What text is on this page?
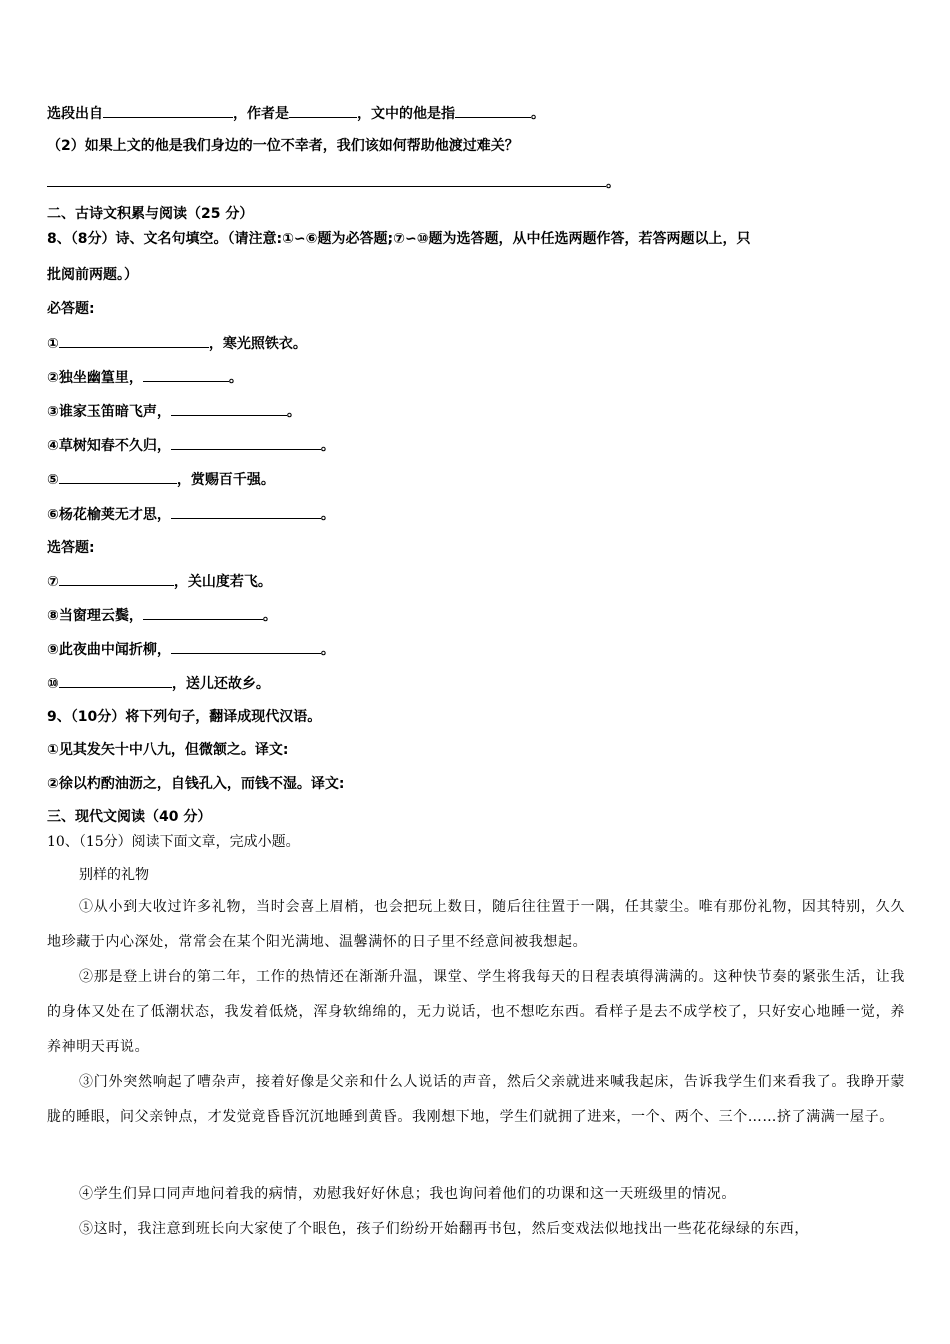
选段出自	，作者是	，文中的他是指	。
（2）如果上文的他是我们身边的一位不幸者，我们该如何帮助他渡过难关？
。
二、古诗文积累与阅读（25 分）
8、（8分）诗、文名句填空。（请注意:①∽⑥题为必答题;⑦∽⑩题为选答题，从中任选两题作答，若答两题以上，只
批阅前两题。）
必答题:
①	，寒光照铁衣。
②独坐幽篁里，	。
③谁家玉笛暗飞声，	。
④草树知春不久归，	。
⑤	，赏赐百千强。
⑥杨花榆荚无才思，	。
选答题:
⑦	，关山度若飞。
⑧当窗理云鬓，	。
⑨此夜曲中闻折柳，	。
⑩	，送儿还故乡。
9、（10分）将下列句子，翻译成现代汉语。
①见其发矢十中八九，但微颔之。译文:
②徐以杓酌油沥之，自钱孔入，而钱不湿。译文:
三、现代文阅读（40 分）
10、（15分）阅读下面文章，完成小题。
别样的礼物
①从小到大收过许多礼物，当时会喜上眉梢，也会把玩上数日，随后往往置于一隅，任其蒙尘。唯有那份礼物，因其特别，久久地珍藏于内心深处，常常会在某个阳光满地、温馨满怀的日子里不经意间被我想起。
②那是登上讲台的第二年，工作的热情还在渐渐升温，课堂、学生将我每天的日程表填得满满的。这种快节奏的紧张生活，让我的身体又处在了低潮状态，我发着低烧，浑身软绵绵的，无力说话，也不想吃东西。看样子是去不成学校了，只好安心地睡一觉，养养神明天再说。
③门外突然响起了嘈杂声，接着好像是父亲和什么人说话的声音，然后父亲就进来喊我起床，告诉我学生们来看我了。我睁开蒙胧的睡眼，问父亲钟点，才发觉竟昏昏沉沉地睡到黄昏。我刚想下地，学生们就拥了进来，一个、两个、三个……挤了满满一屋子。
④学生们异口同声地问着我的病情，劝慰我好好休息；我也询问着他们的功课和这一天班级里的情况。
⑤这时，我注意到班长向大家使了个眼色，孩子们纷纷开始翻再书包，然后变戏法似地找出一些花花绿绿的东西，
